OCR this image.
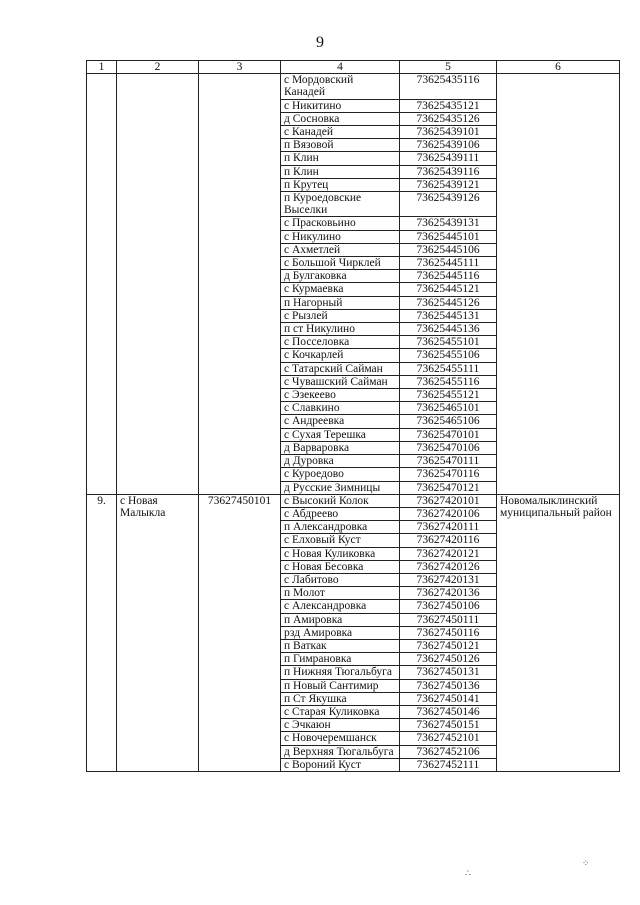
9
1	2	3	4	5	6
			с Мордовский Канадей	73625435116	
			с Никитино	73625435121	
			д Сосновка	73625435126	
			с Канадей	73625439101	
			п Вязовой	73625439106	
			п Клин	73625439111	
			п Клин	73625439116	
			п Крутец	73625439121	
			п Куроедовские Выселки	73625439126	
			с Прасковьино	73625439131	
			с Никулино	73625445101	
			с Ахметлей	73625445106	
			с Большой Чирклей	73625445111	
			д Булгаковка	73625445116	
			с Курмаевка	73625445121	
			п Нагорный	73625445126	
			с Рызлей	73625445131	
			п ст Никулино	73625445136	
			с Посселовка	73625455101	
			с Кочкарлей	73625455106	
			с Татарский Сайман	73625455111	
			с Чувашский Сайман	73625455116	
			с Эзекеево	73625455121	
			с Славкино	73625465101	
			с Андреевка	73625465106	
			с Сухая Терешка	73625470101	
			д Варваровка	73625470106	
			д Дуровка	73625470111	
			с Куроедово	73625470116	
			д Русские Зимницы	73625470121	
9.	с Новая Малыкла	73627450101	с Высокий Колок	73627420101	Новомалыклинский муниципальный район
			с Абдреево	73627420106	
			п Александровка	73627420111	
			с Елховый Куст	73627420116	
			с Новая Куликовка	73627420121	
			с Новая Бесовка	73627420126	
			с Лабитово	73627420131	
			п Молот	73627420136	
			с Александровка	73627450106	
			п Амировка	73627450111	
			рзд Амировка	73627450116	
			п Ваткак	73627450121	
			п Гимрановка	73627450126	
			п Нижняя Тюгальбуга	73627450131	
			п Новый Сантимир	73627450136	
			п Ст Якушка	73627450141	
			с Старая Куликовка	73627450146	
			с Эчкаюн	73627450151	
			с Новочеремшанск	73627452101	
			д Верхняя Тюгальбуга	73627452106	
			с Вороний Куст	73627452111	
∴
⁘
